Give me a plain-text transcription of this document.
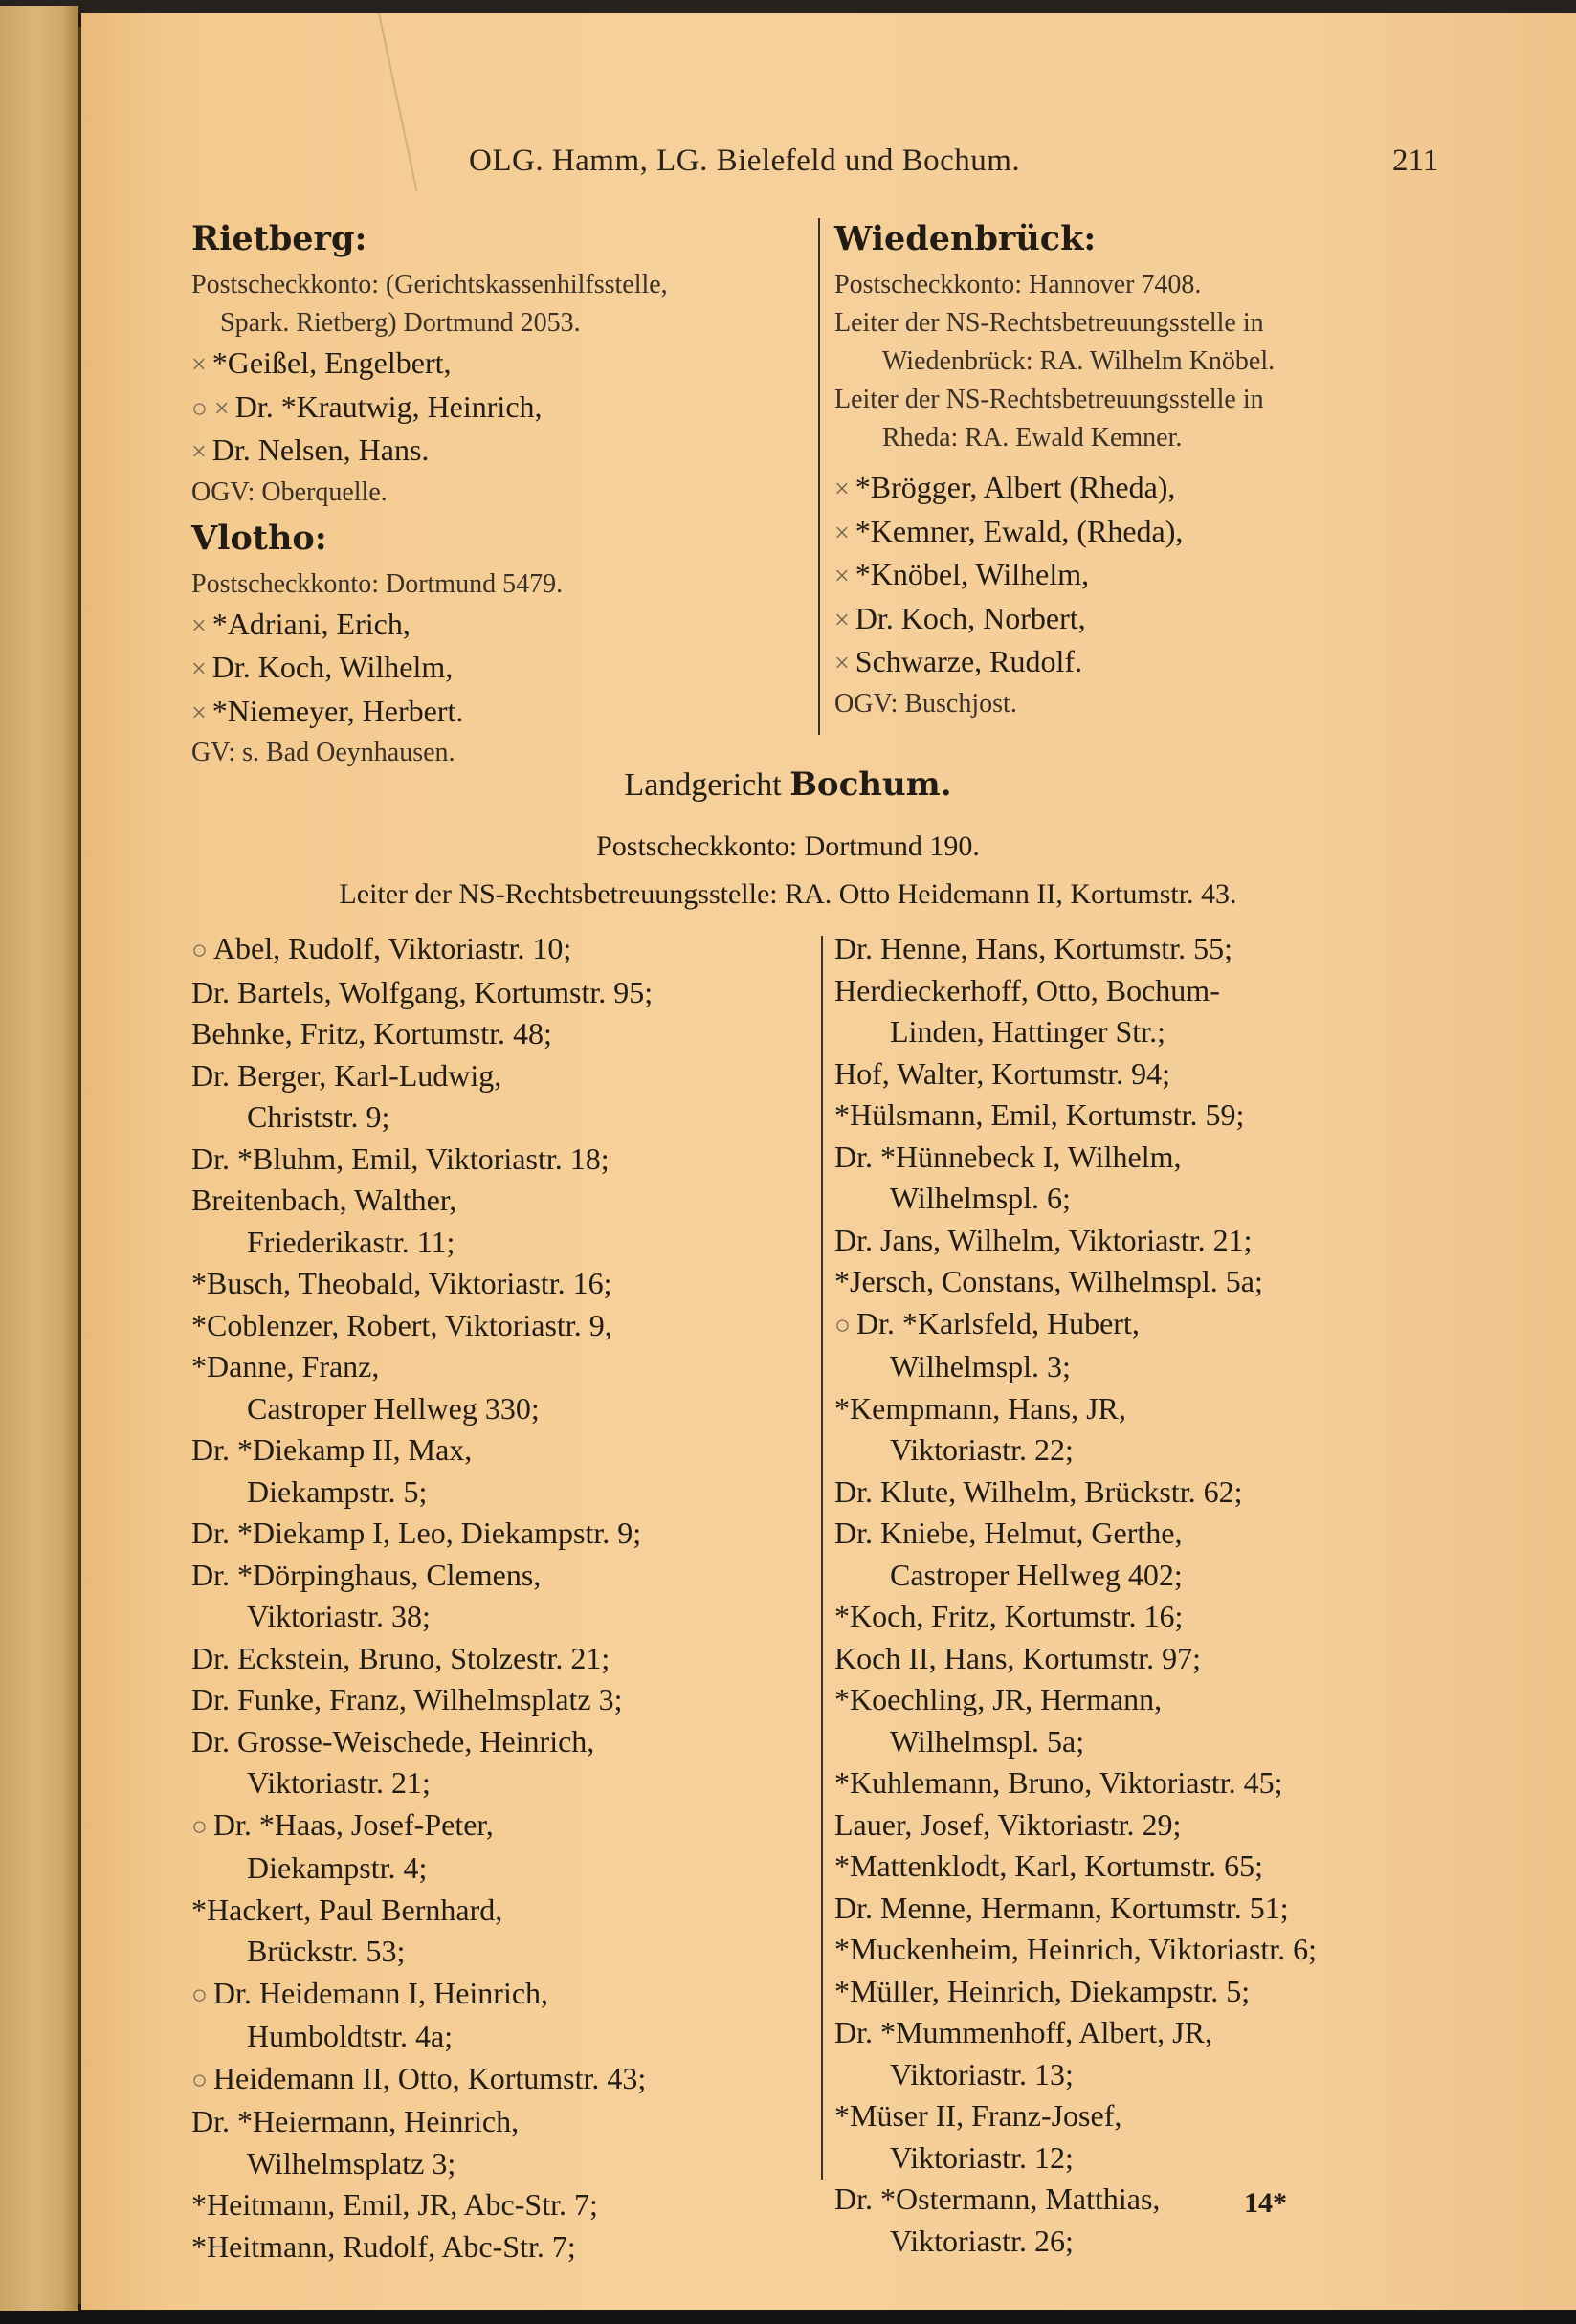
OLG. Hamm, LG. Bielefeld und Bochum.	211
Rietberg:
Postscheckkonto: (Gerichtskassenhilfsstelle,
Spark. Rietberg) Dortmund 2053.
× *Geißel, Engelbert,
○ × Dr. *Krautwig, Heinrich,
× Dr. Nelsen, Hans.
OGV: Oberquelle.
Vlotho:
Postscheckkonto: Dortmund 5479.
× *Adriani, Erich,
× Dr. Koch, Wilhelm,
× *Niemeyer, Herbert.
GV: s. Bad Oeynhausen.
Wiedenbrück:
Postscheckkonto: Hannover 7408.
Leiter der NS-Rechtsbetreuungsstelle in
Wiedenbrück: RA. Wilhelm Knöbel.
Leiter der NS-Rechtsbetreuungsstelle in
Rheda: RA. Ewald Kemner.
× *Brögger, Albert (Rheda),
× *Kemner, Ewald, (Rheda),
× *Knöbel, Wilhelm,
× Dr. Koch, Norbert,
× Schwarze, Rudolf.
OGV: Buschjost.
Landgericht Bochum.
Postscheckkonto: Dortmund 190.
Leiter der NS-Rechtsbetreuungsstelle: RA. Otto Heidemann II, Kortumstr. 43.
○ Abel, Rudolf, Viktoriastr. 10;
Dr. Bartels, Wolfgang, Kortumstr. 95;
Behnke, Fritz, Kortumstr. 48;
Dr. Berger, Karl-Ludwig,
Christstr. 9;
Dr. *Bluhm, Emil, Viktoriastr. 18;
Breitenbach, Walther,
Friederikastr. 11;
*Busch, Theobald, Viktoriastr. 16;
*Coblenzer, Robert, Viktoriastr. 9,
*Danne, Franz,
Castroper Hellweg 330;
Dr. *Diekamp II, Max,
Diekampstr. 5;
Dr. *Diekamp I, Leo, Diekampstr. 9;
Dr. *Dörpinghaus, Clemens,
Viktoriastr. 38;
Dr. Eckstein, Bruno, Stolzestr. 21;
Dr. Funke, Franz, Wilhelmsplatz 3;
Dr. Grosse-Weischede, Heinrich,
Viktoriastr. 21;
○ Dr. *Haas, Josef-Peter,
Diekampstr. 4;
*Hackert, Paul Bernhard,
Brückstr. 53;
○ Dr. Heidemann I, Heinrich,
Humboldtstr. 4a;
○ Heidemann II, Otto, Kortumstr. 43;
Dr. *Heiermann, Heinrich,
Wilhelmsplatz 3;
*Heitmann, Emil, JR, Abc-Str. 7;
*Heitmann, Rudolf, Abc-Str. 7;
Dr. Henne, Hans, Kortumstr. 55;
Herdieckerhoff, Otto, Bochum-
Linden, Hattinger Str.;
Hof, Walter, Kortumstr. 94;
*Hülsmann, Emil, Kortumstr. 59;
Dr. *Hünnebeck I, Wilhelm,
Wilhelmspl. 6;
Dr. Jans, Wilhelm, Viktoriastr. 21;
*Jersch, Constans, Wilhelmspl. 5a;
○ Dr. *Karlsfeld, Hubert,
Wilhelmspl. 3;
*Kempmann, Hans, JR,
Viktoriastr. 22;
Dr. Klute, Wilhelm, Brückstr. 62;
Dr. Kniebe, Helmut, Gerthe,
Castroper Hellweg 402;
*Koch, Fritz, Kortumstr. 16;
Koch II, Hans, Kortumstr. 97;
*Koechling, JR, Hermann,
Wilhelmspl. 5a;
*Kuhlemann, Bruno, Viktoriastr. 45;
Lauer, Josef, Viktoriastr. 29;
*Mattenklodt, Karl, Kortumstr. 65;
Dr. Menne, Hermann, Kortumstr. 51;
*Muckenheim, Heinrich, Viktoriastr. 6;
*Müller, Heinrich, Diekampstr. 5;
Dr. *Mummenhoff, Albert, JR,
Viktoriastr. 13;
*Müser II, Franz-Josef,
Viktoriastr. 12;
Dr. *Ostermann, Matthias,
Viktoriastr. 26;
14*
